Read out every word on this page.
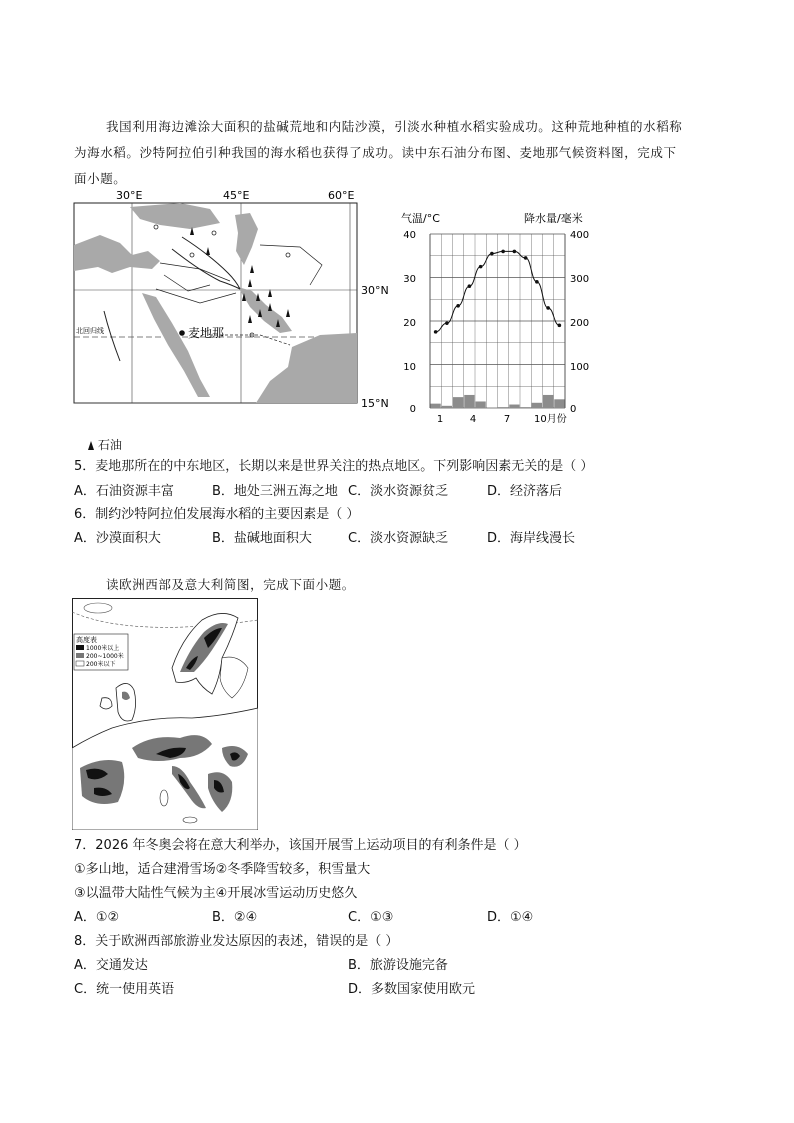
我国利用海边滩涂大面积的盐碱荒地和内陆沙漠，引淡水种植水稻实验成功。这种荒地种植的水稻称
为海水稻。沙特阿拉伯引种我国的海水稻也获得了成功。读中东石油分布图、麦地那气候资料图，完成下
面小题。
30°E	45°E	60°E
麦地那
北回归线
30°N
15°N
气温/°C	降水量/毫米
40
30
20
10
0
400
300
200
100
0
1	4	7 10月份
石油
5．麦地那所在的中东地区，长期以来是世界关注的热点地区。下列影响因素无关的是（ ）
A．石油资源丰富	B．地处三洲五海之地 C．淡水资源贫乏	D．经济落后
6．制约沙特阿拉伯发展海水稻的主要因素是（ ）
A．沙漠面积大	B．盐碱地面积大	C．淡水资源缺乏	D．海岸线漫长
读欧洲西部及意大利简图，完成下面小题。
高度表
1000米以上
200~1000米
200米以下
7．2026 年冬奥会将在意大利举办，该国开展雪上运动项目的有利条件是（ ）
①多山地，适合建滑雪场②冬季降雪较多，积雪量大
③以温带大陆性气候为主④开展冰雪运动历史悠久
A．①②	B．②④	C．①③	D．①④
8．关于欧洲西部旅游业发达原因的表述，错误的是（ ）
A．交通发达	B．旅游设施完备
C．统一使用英语	D．多数国家使用欧元
